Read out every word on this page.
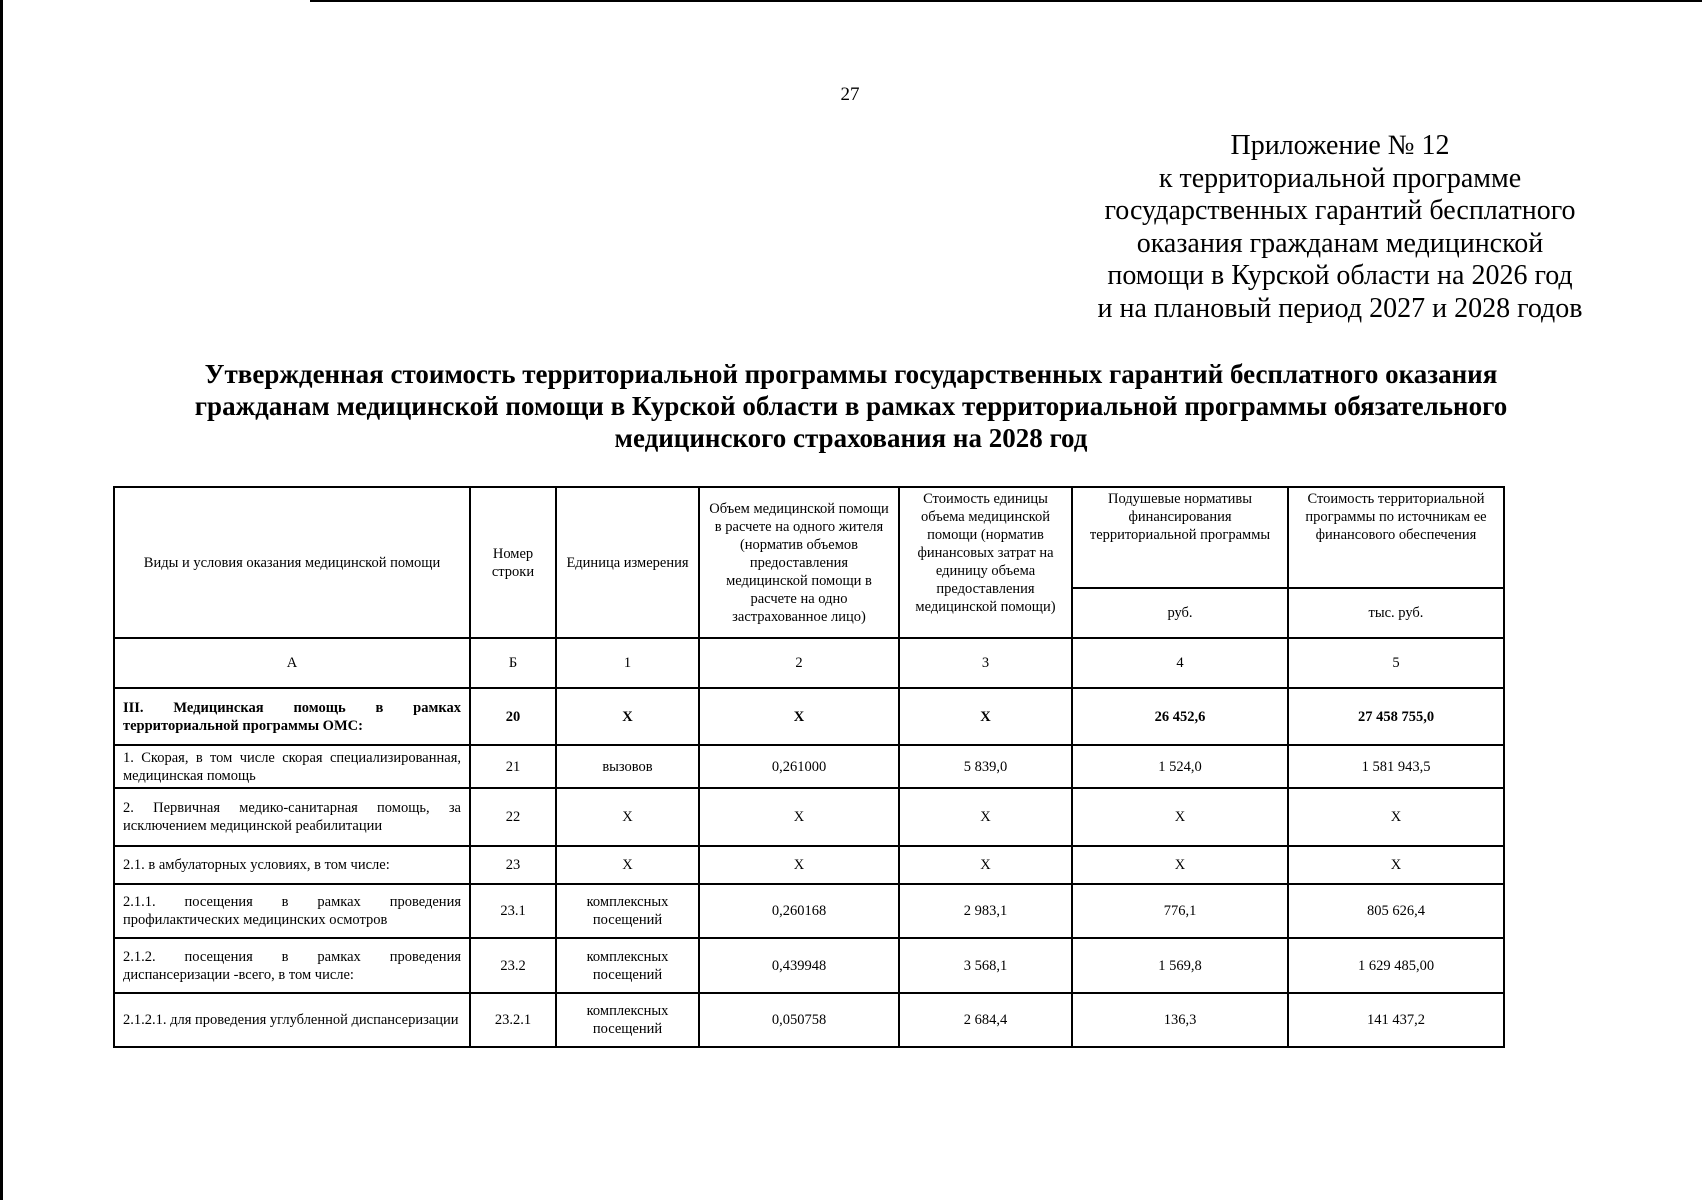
27
Приложение № 12
к территориальной программе
государственных гарантий бесплатного
оказания гражданам медицинской
помощи в Курской области на 2026 год
и на плановый период 2027 и 2028 годов
Утвержденная стоимость территориальной программы государственных гарантий бесплатного оказания
гражданам медицинской помощи в Курской области в рамках территориальной программы обязательного
медицинского страхования на 2028 год
Виды и условия оказания медицинской помощи	Номер строки	Единица измерения	Объем медицинской помощи в расчете на одного жителя (норматив объемов предоставления медицинской помощи в расчете на одно застрахованное лицо)	Стоимость единицы объема медицинской помощи (норматив финансовых затрат на единицу объема предоставления медицинской помощи)	Подушевые нормативы финансирования территориальной программы	Стоимость территориальной программы по источникам ее финансового обеспечения
					руб.	тыс. руб.
А	Б	1	2	3	4	5
III. Медицинская помощь в рамках территориальной программы ОМС:	20	X	X	X	26 452,6	27 458 755,0
1. Скорая, в том числе скорая специализированная, медицинская помощь	21	вызовов	0,261000	5 839,0	1 524,0	1 581 943,5
2. Первичная медико-санитарная помощь, за исключением медицинской реабилитации	22	X	X	X	X	X
2.1. в амбулаторных условиях, в том числе:	23	X	X	X	X	X
2.1.1. посещения в рамках проведения профилактических медицинских осмотров	23.1	комплексных посещений	0,260168	2 983,1	776,1	805 626,4
2.1.2. посещения в рамках проведения диспансеризации -всего, в том числе:	23.2	комплексных посещений	0,439948	3 568,1	1 569,8	1 629 485,00
2.1.2.1. для проведения углубленной диспансеризации	23.2.1	комплексных посещений	0,050758	2 684,4	136,3	141 437,2
